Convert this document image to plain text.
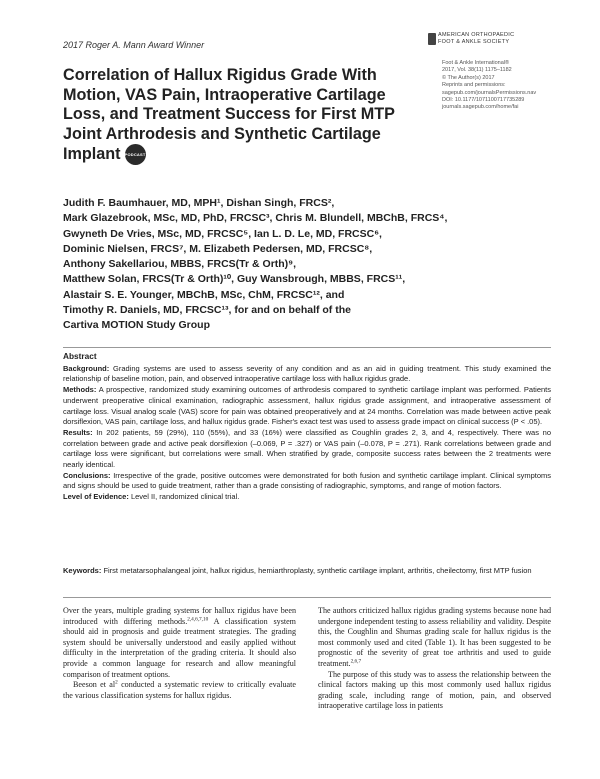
2017 Roger A. Mann Award Winner
AMERICAN ORTHOPAEDIC
FOOT & ANKLE SOCIETY
Correlation of Hallux Rigidus Grade With Motion, VAS Pain, Intraoperative Cartilage Loss, and Treatment Success for First MTP Joint Arthrodesis and Synthetic Cartilage Implant PODCAST
Foot & Ankle International®
2017, Vol. 38(11) 1175–1182
© The Author(s) 2017
Reprints and permissions:
sagepub.com/journalsPermissions.nav
DOI: 10.1177/1071100717735289
journals.sagepub.com/home/fai
Judith F. Baumhauer, MD, MPH¹, Dishan Singh, FRCS²,
Mark Glazebrook, MSc, MD, PhD, FRCSC³, Chris M. Blundell, MBChB, FRCS⁴,
Gwyneth De Vries, MSc, MD, FRCSC⁵, Ian L. D. Le, MD, FRCSC⁶,
Dominic Nielsen, FRCS⁷, M. Elizabeth Pedersen, MD, FRCSC⁸,
Anthony Sakellariou, MBBS, FRCS(Tr & Orth)⁹,
Matthew Solan, FRCS(Tr & Orth)¹⁰, Guy Wansbrough, MBBS, FRCS¹¹,
Alastair S. E. Younger, MBChB, MSc, ChM, FRCSC¹², and
Timothy R. Daniels, MD, FRCSC¹³, for and on behalf of the
Cartiva MOTION Study Group
Abstract

Background: Grading systems are used to assess severity of any condition and as an aid in guiding treatment. This study examined the relationship of baseline motion, pain, and observed intraoperative cartilage loss with hallux rigidus grade.

Methods: A prospective, randomized study examining outcomes of arthrodesis compared to synthetic cartilage implant was performed. Patients underwent preoperative clinical examination, radiographic assessment, hallux rigidus grade assignment, and intraoperative assessment of cartilage loss. Visual analog scale (VAS) score for pain was obtained preoperatively and at 24 months. Correlation was made between active peak dorsiflexion, VAS pain, cartilage loss, and hallux rigidus grade. Fisher's exact test was used to assess grade impact on clinical success (P < .05).

Results: In 202 patients, 59 (29%), 110 (55%), and 33 (16%) were classified as Coughlin grades 2, 3, and 4, respectively. There was no correlation between grade and active peak dorsiflexion (–0.069, P = .327) or VAS pain (–0.078, P = .271). Rank correlations between grade and cartilage loss were significant, but correlations were small. When stratified by grade, composite success rates between the 2 treatments were nearly identical.

Conclusions: Irrespective of the grade, positive outcomes were demonstrated for both fusion and synthetic cartilage implant. Clinical symptoms and signs should be used to guide treatment, rather than a grade consisting of radiographic, symptoms, and range of motion factors.

Level of Evidence: Level II, randomized clinical trial.

Keywords: First metatarsophalangeal joint, hallux rigidus, hemiarthroplasty, synthetic cartilage implant, arthritis, cheilectomy, first MTP fusion

Over the years, multiple grading systems for hallux rigidus have been introduced with differing methods.$^{2,4,6,7,10}$ A classification system should aid in prognosis and guide treatment strategies. The grading system should be universally understood and easily applied without difficulty in the interpretation of the grading criteria. It should also provide a common language for research and allow meaningful comparison of treatment options.

Beeson et $al^2$ conducted a systematic review to critically evaluate the various classification systems for hallux rigidus.

The authors criticized hallux rigidus grading systems because none had undergone independent testing to assess reliability and validity. Despite this, the Coughlin and Shurnas grading scale for hallux rigidus is the most commonly used and cited (Table 1). It has been suggested to be prognostic of the severity of great toe arthritis and used to guide treatment.$^{2,6,7}$

The purpose of this study was to assess the relationship between the clinical factors making up this most commonly used hallux rigidus grading scale, including range of motion, pain, and observed intraoperative cartilage loss in patients
